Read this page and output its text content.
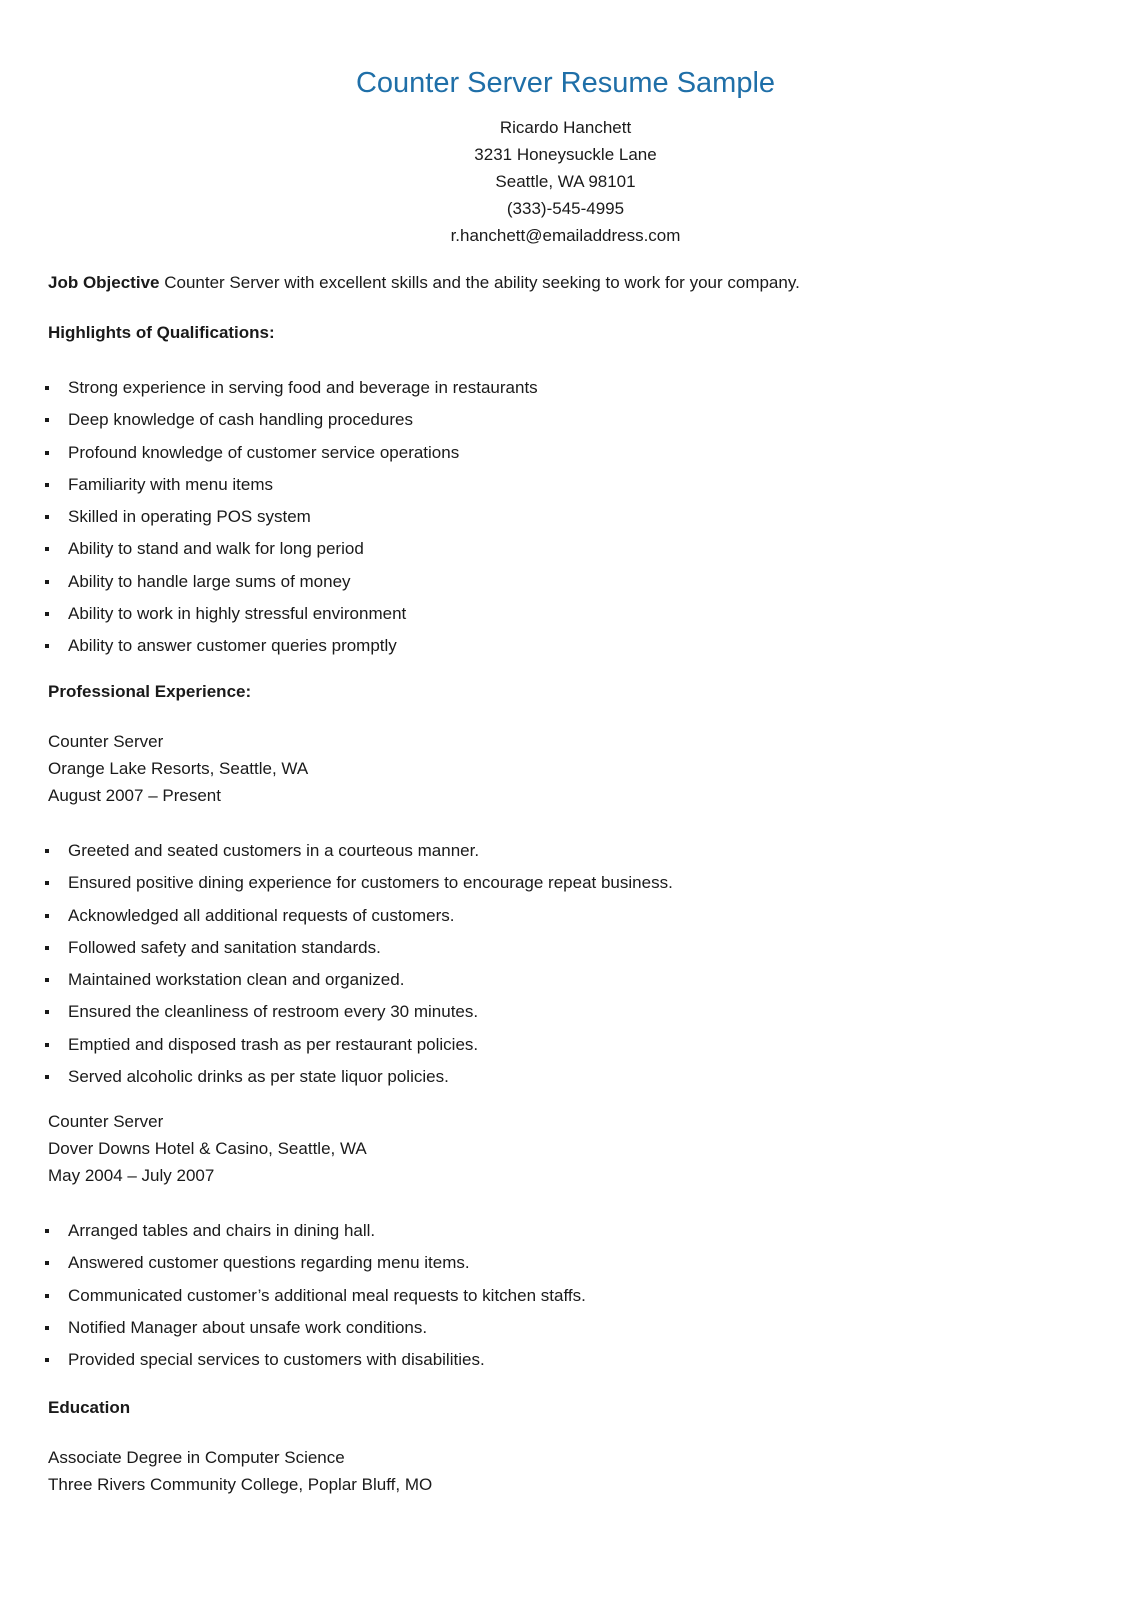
Counter Server Resume Sample
Ricardo Hanchett
3231 Honeysuckle Lane
Seattle, WA 98101
(333)-545-4995
r.hanchett@emailaddress.com
Job Objective Counter Server with excellent skills and the ability seeking to work for your company.
Highlights of Qualifications:
Strong experience in serving food and beverage in restaurants
Deep knowledge of cash handling procedures
Profound knowledge of customer service operations
Familiarity with menu items
Skilled in operating POS system
Ability to stand and walk for long period
Ability to handle large sums of money
Ability to work in highly stressful environment
Ability to answer customer queries promptly
Professional Experience:
Counter Server
Orange Lake Resorts, Seattle, WA
August 2007 – Present
Greeted and seated customers in a courteous manner.
Ensured positive dining experience for customers to encourage repeat business.
Acknowledged all additional requests of customers.
Followed safety and sanitation standards.
Maintained workstation clean and organized.
Ensured the cleanliness of restroom every 30 minutes.
Emptied and disposed trash as per restaurant policies.
Served alcoholic drinks as per state liquor policies.
Counter Server
Dover Downs Hotel & Casino, Seattle, WA
May 2004 – July 2007
Arranged tables and chairs in dining hall.
Answered customer questions regarding menu items.
Communicated customer’s additional meal requests to kitchen staffs.
Notified Manager about unsafe work conditions.
Provided special services to customers with disabilities.
Education
Associate Degree in Computer Science
Three Rivers Community College, Poplar Bluff, MO
